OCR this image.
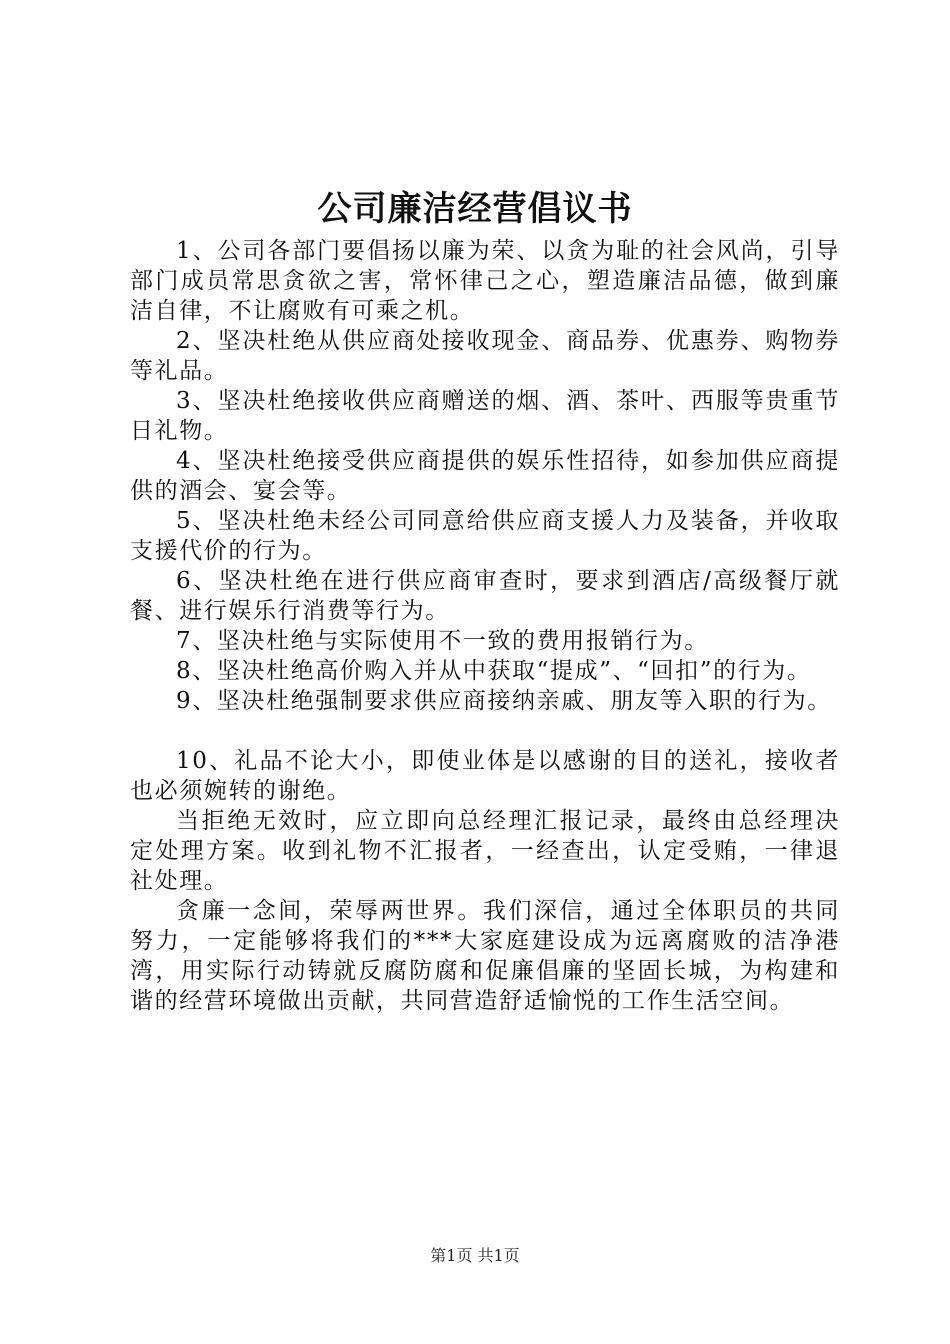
公司廉洁经营倡议书

1、公司各部门要倡扬以廉为荣、以贪为耻的社会风尚，引导部门成员常思贪欲之害，常怀律己之心，塑造廉洁品德，做到廉洁自律，不让腐败有可乘之机。

2、坚决杜绝从供应商处接收现金、商品券、优惠券、购物券等礼品。

3、坚决杜绝接收供应商赠送的烟、酒、茶叶、西服等贵重节日礼物。

4、坚决杜绝接受供应商提供的娱乐性招待，如参加供应商提供的酒会、宴会等。

5、坚决杜绝未经公司同意给供应商支援人力及装备，并收取支援代价的行为。

6、坚决杜绝在进行供应商审查时，要求到酒店/高级餐厅就餐、进行娱乐行消费等行为。

7、坚决杜绝与实际使用不一致的费用报销行为。

8、坚决杜绝高价购入并从中获取“提成”、“回扣”的行为。

9、坚决杜绝强制要求供应商接纳亲戚、朋友等入职的行为。

10、礼品不论大小，即使业体是以感谢的目的送礼，接收者也必须婉转的谢绝。

当拒绝无效时，应立即向总经理汇报记录，最终由总经理决定处理方案。收到礼物不汇报者，一经查出，认定受贿，一律退社处理。

贪廉一念间，荣辱两世界。我们深信，通过全体职员的共同努力，一定能够将我们的***大家庭建设成为远离腐败的洁净港湾，用实际行动铸就反腐防腐和促廉倡廉的坚固长城，为构建和谐的经营环境做出贡献，共同营造舒适愉悦的工作生活空间。

第1页 共1页
